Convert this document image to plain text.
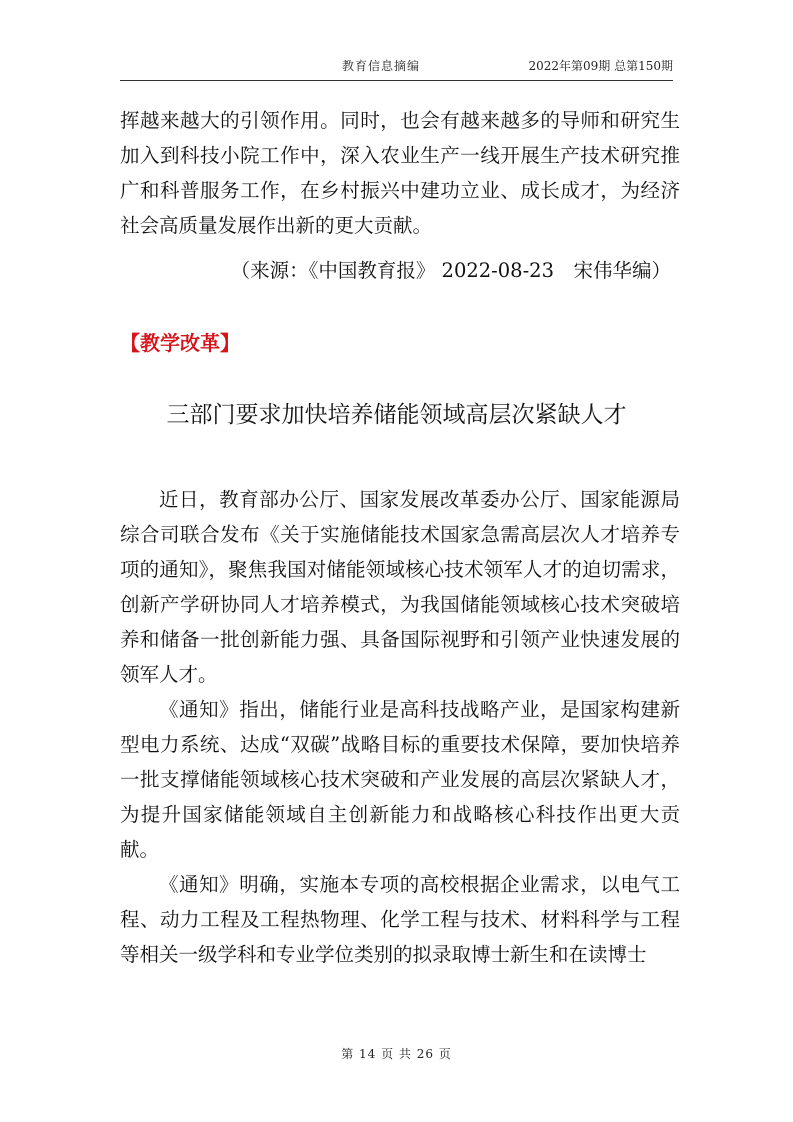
教育信息摘编	2022年第09期 总第150期

挥越来越大的引领作用。同时，也会有越来越多的导师和研究生加入到科技小院工作中，深入农业生产一线开展生产技术研究推广和科普服务工作，在乡村振兴中建功立业、成长成才，为经济社会高质量发展作出新的更大贡献。

（来源：《中国教育报》 2022-08-23　宋伟华编）
【教学改革】
三部门要求加快培养储能领域高层次紧缺人才

近日，教育部办公厅、国家发展改革委办公厅、国家能源局综合司联合发布《关于实施储能技术国家急需高层次人才培养专项的通知》，聚焦我国对储能领域核心技术领军人才的迫切需求，创新产学研协同人才培养模式，为我国储能领域核心技术突破培养和储备一批创新能力强、具备国际视野和引领产业快速发展的领军人才。

《通知》指出，储能行业是高科技战略产业，是国家构建新型电力系统、达成“双碳”战略目标的重要技术保障，要加快培养一批支撑储能领域核心技术突破和产业发展的高层次紧缺人才，为提升国家储能领域自主创新能力和战略核心科技作出更大贡献。

《通知》明确，实施本专项的高校根据企业需求，以电气工程、动力工程及工程热物理、化学工程与技术、材料科学与工程等相关一级学科和专业学位类别的拟录取博士新生和在读博士

第 14 页 共 26 页
